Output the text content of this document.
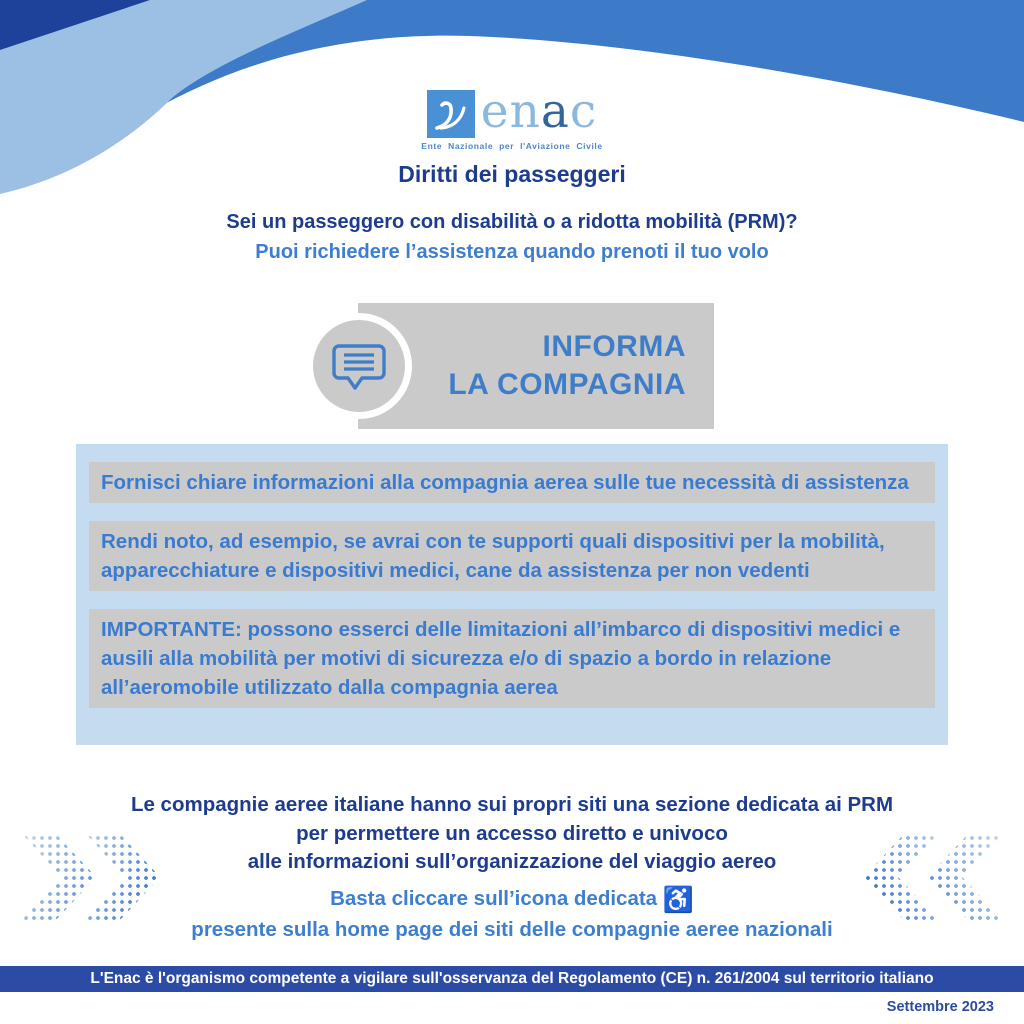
enac
Ente Nazionale per l'Aviazione Civile
Diritti dei passeggeri
Sei un passeggero con disabilità o a ridotta mobilità (PRM)?
Puoi richiedere l’assistenza quando prenoti il tuo volo
INFORMA
LA COMPAGNIA
Fornisci chiare informazioni alla compagnia aerea sulle tue necessità di assistenza
Rendi noto, ad esempio, se avrai con te supporti quali dispositivi per la mobilità, apparecchiature e dispositivi medici, cane da assistenza per non vedenti
IMPORTANTE: possono esserci delle limitazioni all’imbarco di dispositivi medici e ausili alla mobilità per motivi di sicurezza e/o di spazio a bordo in relazione all’aeromobile utilizzato dalla compagnia aerea
Le compagnie aeree italiane hanno sui propri siti una sezione dedicata ai PRM
per permettere un accesso diretto e univoco
alle informazioni sull’organizzazione del viaggio aereo
Basta cliccare sull’icona dedicata ♿
presente sulla home page dei siti delle compagnie aeree nazionali
L'Enac è l'organismo competente a vigilare sull'osservanza del Regolamento (CE) n. 261/2004 sul territorio italiano
Settembre 2023
